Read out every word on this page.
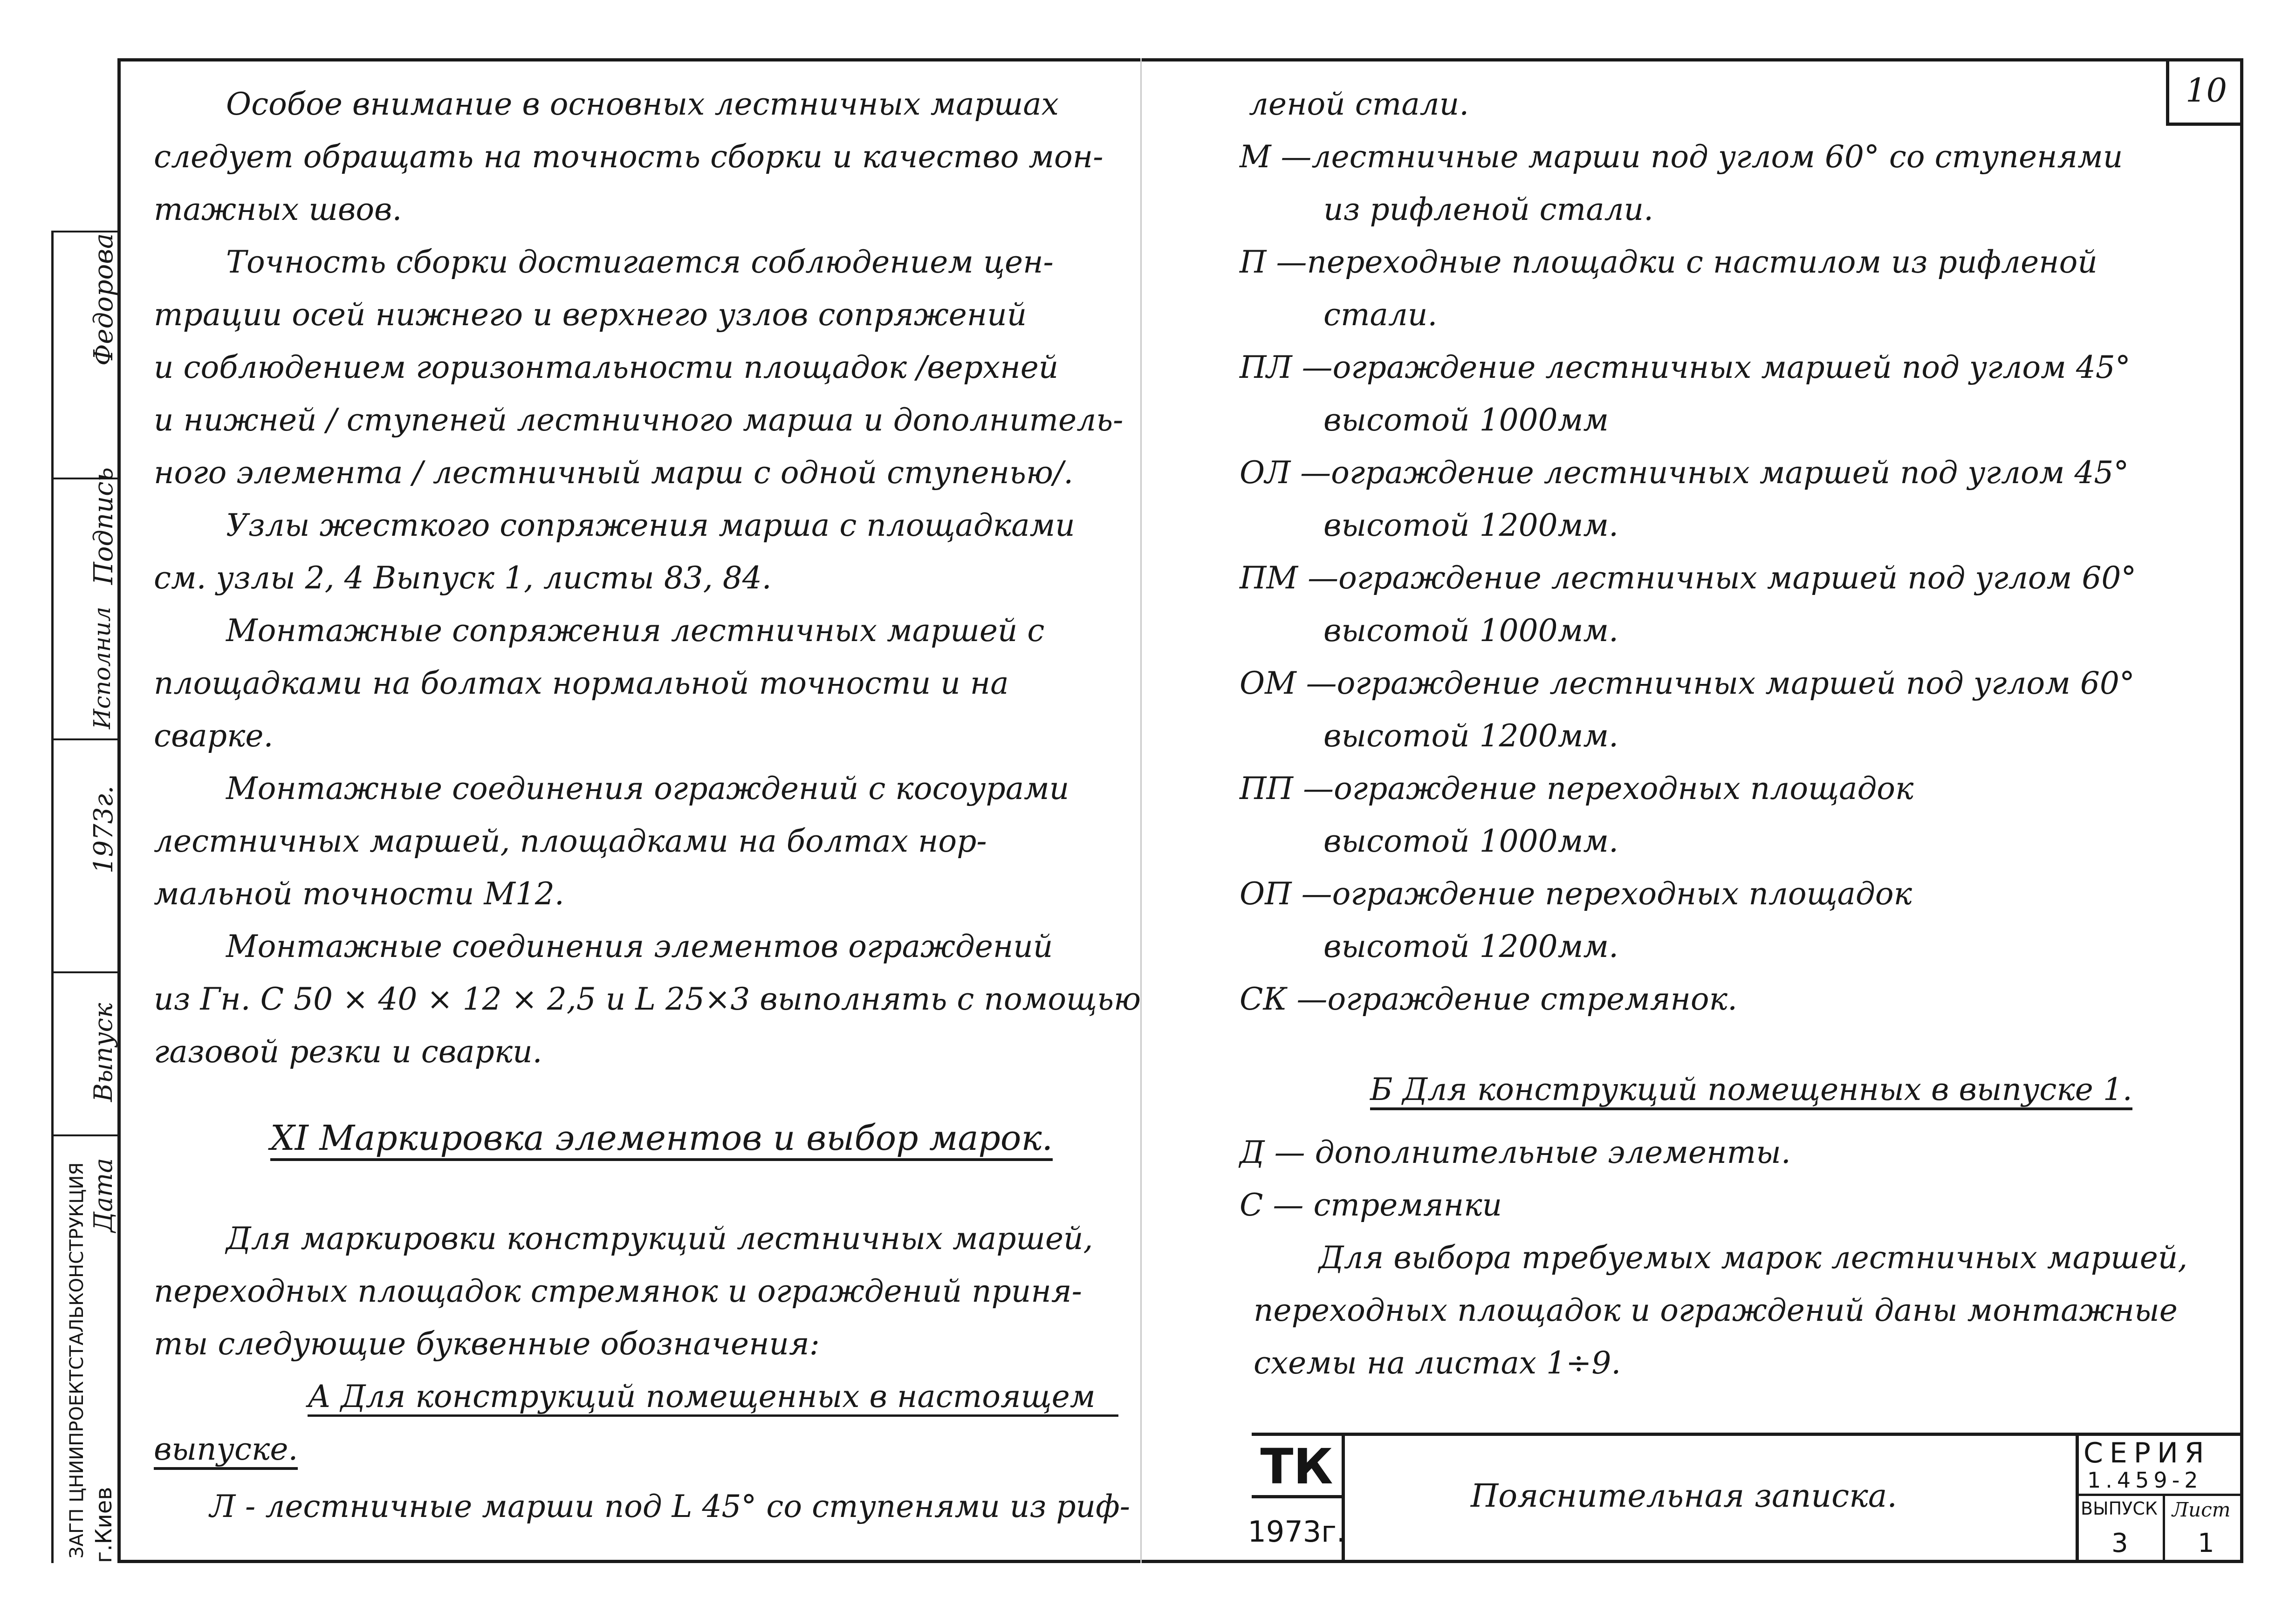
Федорова
Подпись
Исполнил
1973г.
Выпуск
Дата
ЗАГП ЦНИИПРОЕКТСТАЛЬКОНСТРУКЦИЯ г.Киев
10
Особое внимание в основных лестничных маршах
следует обращать на точность сборки и качество мон-
тажных швов.
Точность сборки достигается соблюдением цен-
трации осей нижнего и верхнего узлов сопряжений
и соблюдением горизонтальности площадок /верхней
и нижней / ступеней лестничного марша и дополнитель-
ного элемента / лестничный марш с одной ступенью/.
Узлы жесткого сопряжения марша с площадками
см. узлы 2, 4 Выпуск 1, листы 83, 84.
Монтажные сопряжения лестничных маршей с
площадками на болтах нормальной точности и на
сварке.
Монтажные соединения ограждений с косоурами
лестничных маршей, площадками на болтах нор-
мальной точности М12.
Монтажные соединения элементов ограждений
из Гн. С 50 × 40 × 12 × 2,5 и L 25×3 выполнять с помощью
газовой резки и сварки.
XI Маркировка элементов и выбор марок.
Для маркировки конструкций лестничных маршей,
переходных площадок стремянок и ограждений приня-
ты следующие буквенные обозначения:
А Для конструкций помещенных в настоящем
выпуске.
Л - лестничные марши под L 45° со ступенями из риф-
леной стали.
М —лестничные марши под углом 60° со ступенями
из рифленой стали.
П —переходные площадки с настилом из рифленой
стали.
ПЛ —ограждение лестничных маршей под углом 45°
высотой 1000мм
ОЛ —ограждение лестничных маршей под углом 45°
высотой 1200мм.
ПМ —ограждение лестничных маршей под углом 60°
высотой 1000мм.
ОМ —ограждение лестничных маршей под углом 60°
высотой 1200мм.
ПП —ограждение переходных площадок
высотой 1000мм.
ОП —ограждение переходных площадок
высотой 1200мм.
СК —ограждение стремянок.
Б Для конструкций помещенных в выпуске 1.
Д — дополнительные элементы.
С — стремянки
Для выбора требуемых марок лестничных маршей,
переходных площадок и ограждений даны монтажные
схемы на листах 1÷9.
ТК
1973г.
Пояснительная записка.
СЕРИЯ
1.459-2
ВЫПУСК Лист
3	1
